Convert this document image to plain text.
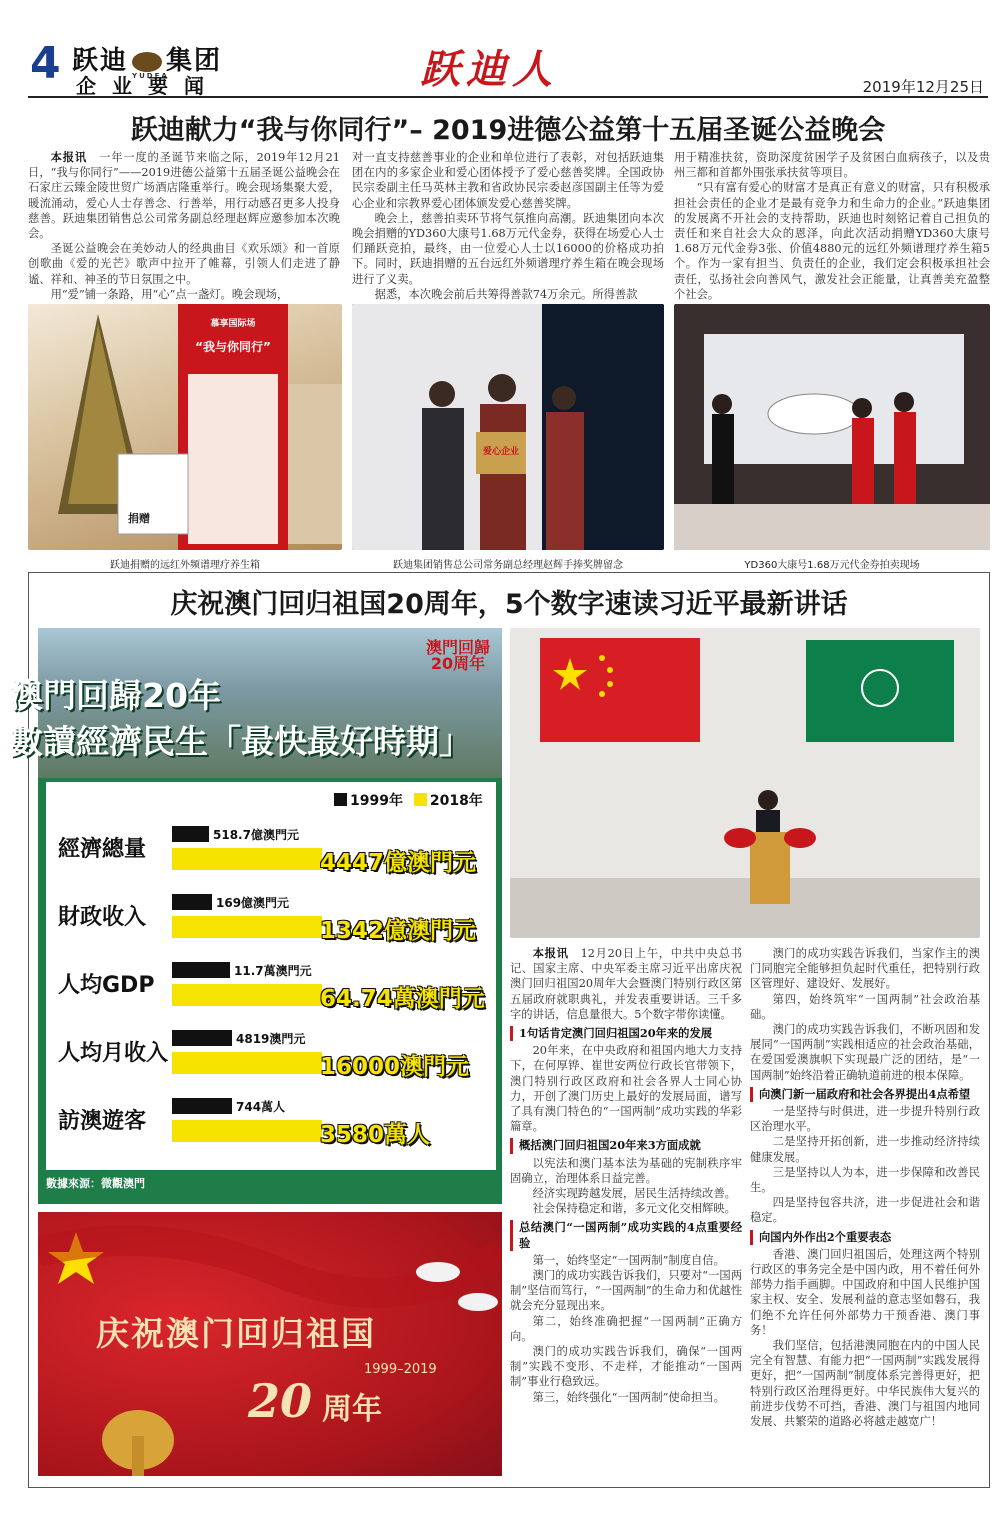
4 跃迪YUDEA 集团
企业要闻	跃迪人	2019年12月25日
跃迪献力“我与你同行”– 2019进德公益第十五届圣诞公益晚会

本报讯　 一年一度的圣诞节来临之际，2019年12月21日，“我与你同行”——2019进德公益第十五届圣诞公益晚会在石家庄云臻金陵世贸广场酒店隆重举行。晚会现场集聚大爱，暖流涌动，爱心人士存善念、行善举，用行动感召更多人投身慈善。跃迪集团销售总公司常务副总经理赵辉应邀参加本次晚会。

圣诞公益晚会在美妙动人的经典曲目《欢乐颂》和一首原创歌曲《爱的光芒》歌声中拉开了帷幕，引领人们走进了静谧、祥和、神圣的节日氛围之中。

用“爱”铺一条路，用“心”点一盏灯。晚会现场，

对一直支持慈善事业的企业和单位进行了表彰，对包括跃迪集团在内的多家企业和爱心团体授予了爱心慈善奖牌。全国政协民宗委副主任马英林主教和省政协民宗委赵彦国副主任等为爱心企业和宗教界爱心团体颁发爱心慈善奖牌。

晚会上，慈善拍卖环节将气氛推向高潮。跃迪集团向本次晚会捐赠的YD360大康号1.68万元代金券，获得在场爱心人士们踊跃竞拍，最终，由一位爱心人士以16000的价格成功拍下。同时，跃迪捐赠的五台远红外频谱理疗养生箱在晚会现场进行了义卖。

据悉，本次晚会前后共筹得善款74万余元。所得善款

用于精准扶贫，资助深度贫困学子及贫困白血病孩子，以及贵州三都和首都外围张承扶贫等项目。

“只有富有爱心的财富才是真正有意义的财富，只有积极承担社会责任的企业才是最有竞争力和生命力的企业。”跃迪集团的发展离不开社会的支持帮助，跃迪也时刻铭记着自己担负的责任和来自社会大众的恩泽，向此次活动捐赠YD360大康号1.68万元代金券3张、价值4880元的远红外频谱理疗养生箱5个。作为一家有担当、负责任的企业，我们定会积极承担社会责任，弘扬社会向善风气，激发社会正能量，让真善美充盈整个社会。

慕享国际场
“我与你同行”
捐赠
跃迪捐赠的远红外频谱理疗养生箱
爱心企业
跃迪集团销售总公司常务副总经理赵辉手捧奖牌留念	YD360大康号1.68万元代金券拍卖现场
庆祝澳门回归祖国20周年，5个数字速读习近平最新讲话
澳門回歸20年
數讀經濟民生「最快最好時期」
澳門回歸20周年
1999年 2018年
經濟總量
518.7億澳門元
4447億澳門元
財政收入
169億澳門元
1342億澳門元
人均GDP
11.7萬澳門元
64.74萬澳門元
人均月收入
4819澳門元
16000澳門元
訪澳遊客
744萬人
3580萬人
數據來源：微觀澳門

本报讯　 12月20日上午，中共中央总书记、国家主席、中央军委主席习近平出席庆祝澳门回归祖国20周年大会暨澳门特别行政区第五届政府就职典礼，并发表重要讲话。三千多字的讲话，信息量很大。5个数字带你读懂。

1句话肯定澳门回归祖国20年来的发展

20年来，在中央政府和祖国内地大力支持下，在何厚铧、崔世安两位行政长官带领下，澳门特别行政区政府和社会各界人士同心协力，开创了澳门历史上最好的发展局面，谱写了具有澳门特色的“一国两制”成功实践的华彩篇章。

概括澳门回归祖国20年来3方面成就

以宪法和澳门基本法为基础的宪制秩序牢固确立，治理体系日益完善。

经济实现跨越发展，居民生活持续改善。

社会保持稳定和谐，多元文化交相辉映。

总结澳门“一国两制”成功实践的4点重要经验

第一，始终坚定“一国两制”制度自信。

澳门的成功实践告诉我们，只要对“一国两制”坚信而笃行，“一国两制”的生命力和优越性就会充分显现出来。

第二，始终准确把握“一国两制”正确方向。

澳门的成功实践告诉我们，确保“一国两制”实践不变形、不走样，才能推动“一国两制”事业行稳致远。

第三，始终强化“一国两制”使命担当。

澳门的成功实践告诉我们，当家作主的澳门同胞完全能够担负起时代重任，把特别行政区管理好、建设好、发展好。

第四，始终筑牢“一国两制”社会政治基础。

澳门的成功实践告诉我们，不断巩固和发展同“一国两制”实践相适应的社会政治基础，在爱国爱澳旗帜下实现最广泛的团结，是“一国两制”始终沿着正确轨道前进的根本保障。

向澳门新一届政府和社会各界提出4点希望

一是坚持与时俱进，进一步提升特别行政区治理水平。

二是坚持开拓创新，进一步推动经济持续健康发展。

三是坚持以人为本，进一步保障和改善民生。

四是坚持包容共济，进一步促进社会和谐稳定。

向国内外作出2个重要表态

香港、澳门回归祖国后，处理这两个特别行政区的事务完全是中国内政，用不着任何外部势力指手画脚。中国政府和中国人民维护国家主权、安全、发展利益的意志坚如磐石，我们绝不允许任何外部势力干预香港、澳门事务！

我们坚信，包括港澳同胞在内的中国人民完全有智慧、有能力把“一国两制”实践发展得更好，把“一国两制”制度体系完善得更好，把特别行政区治理得更好。中华民族伟大复兴的前进步伐势不可挡，香港、澳门与祖国内地同发展、共繁荣的道路必将越走越宽广！

庆祝澳门回归祖国
1999–2019
20 周年
